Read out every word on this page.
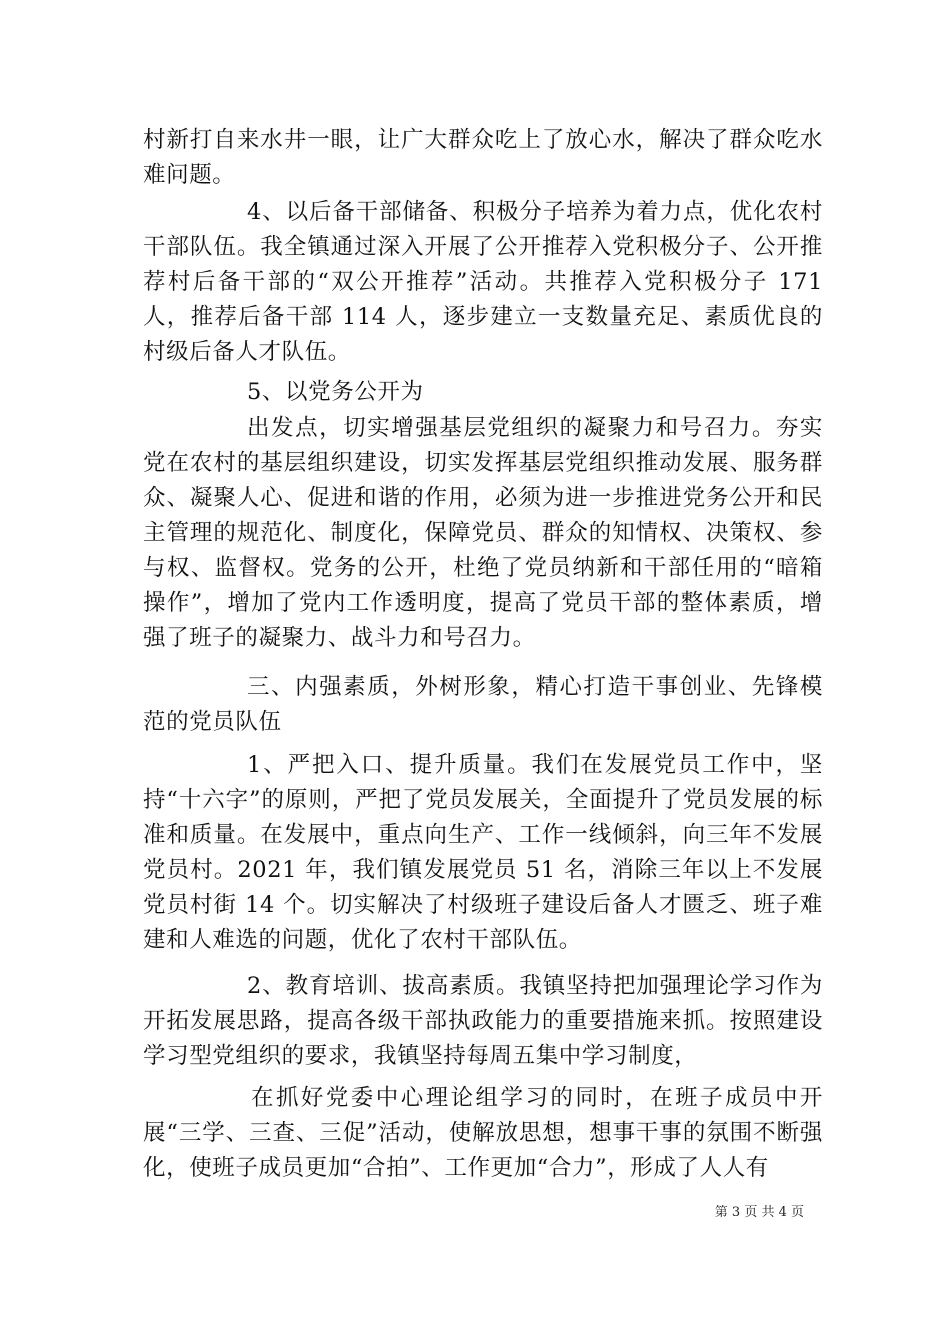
村新打自来水井一眼，让广大群众吃上了放心水，解决了群众吃水难问题。

4、以后备干部储备、积极分子培养为着力点，优化农村干部队伍。我全镇通过深入开展了公开推荐入党积极分子、公开推荐村后备干部的“双公开推荐”活动。共推荐入党积极分子 171 人，推荐后备干部 114 人，逐步建立一支数量充足、素质优良的村级后备人才队伍。

5、以党务公开为

出发点，切实增强基层党组织的凝聚力和号召力。夯实党在农村的基层组织建设，切实发挥基层党组织推动发展、服务群众、凝聚人心、促进和谐的作用，必须为进一步推进党务公开和民主管理的规范化、制度化，保障党员、群众的知情权、决策权、参与权、监督权。党务的公开，杜绝了党员纳新和干部任用的“暗箱操作”，增加了党内工作透明度，提高了党员干部的整体素质，增强了班子的凝聚力、战斗力和号召力。

三、内强素质，外树形象，精心打造干事创业、先锋模范的党员队伍

1、严把入口、提升质量。我们在发展党员工作中，坚持“十六字”的原则，严把了党员发展关，全面提升了党员发展的标准和质量。在发展中，重点向生产、工作一线倾斜，向三年不发展党员村。2021 年，我们镇发展党员 51 名，消除三年以上不发展党员村街 14 个。切实解决了村级班子建设后备人才匮乏、班子难建和人难选的问题，优化了农村干部队伍。

2、教育培训、拔高素质。我镇坚持把加强理论学习作为开拓发展思路，提高各级干部执政能力的重要措施来抓。按照建设学习型党组织的要求，我镇坚持每周五集中学习制度，

在抓好党委中心理论组学习的同时，在班子成员中开展“三学、三查、三促”活动，使解放思想，想事干事的氛围不断强化，使班子成员更加“合拍”、工作更加“合力”，形成了人人有

第 3 页 共 4 页
